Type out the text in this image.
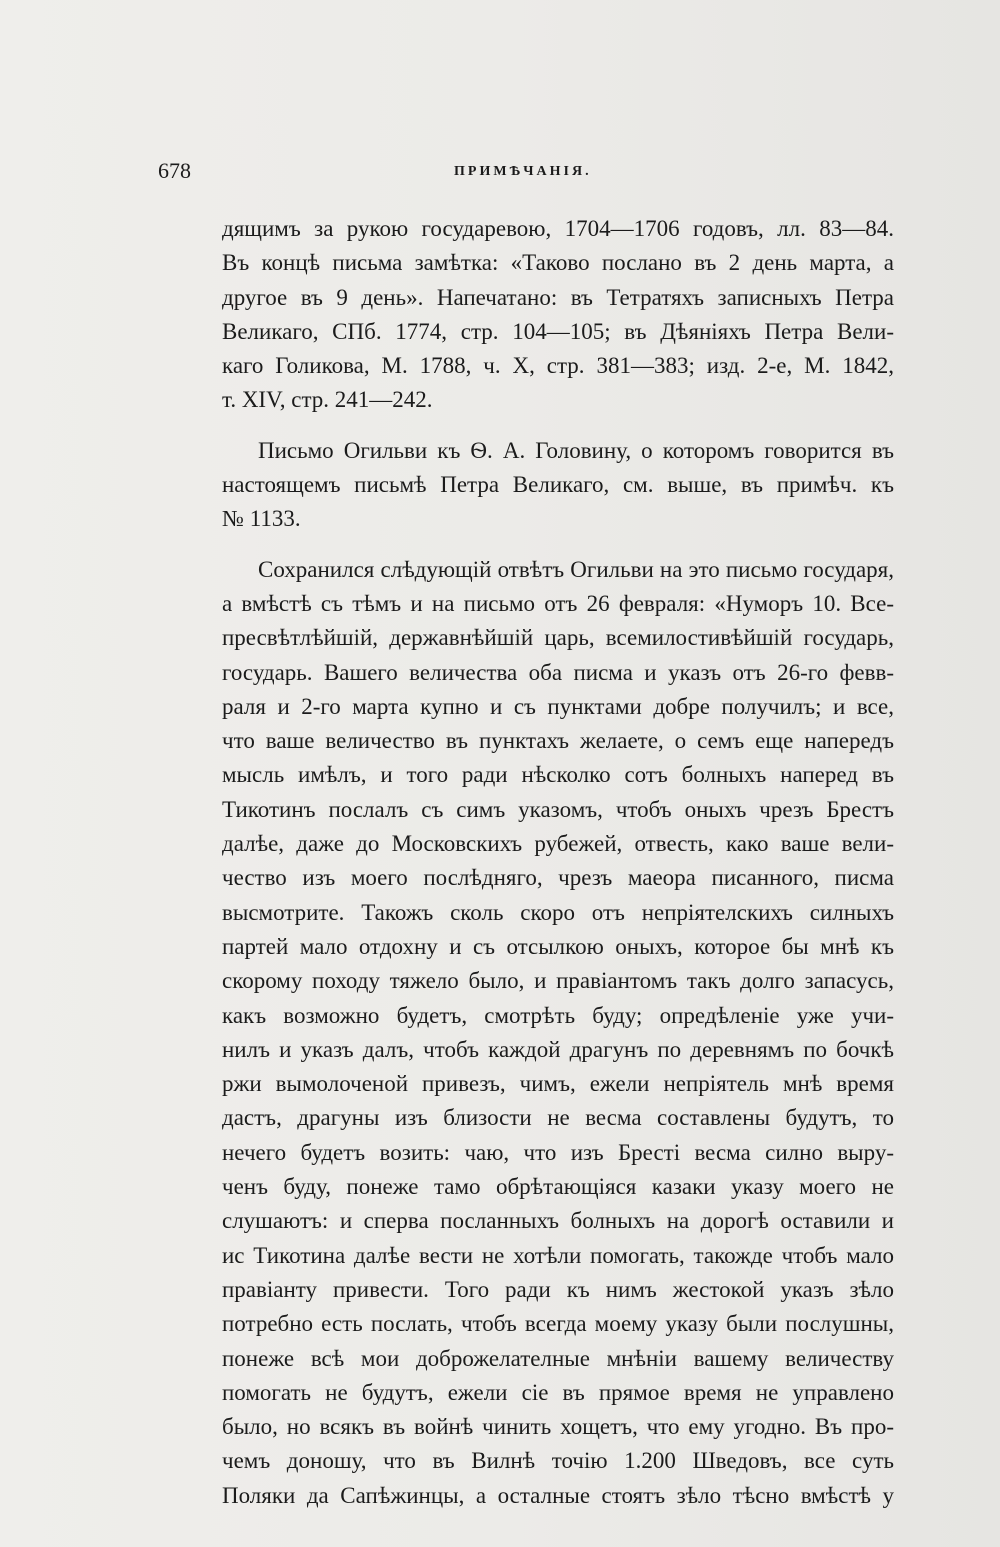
678	ПРИМѢЧАНІЯ.
дящимъ за рукою государевою, 1704—1706 годовъ, лл. 83—84.
Въ концѣ письма замѣтка: «Таково послано въ 2 день марта, а
другое въ 9 день». Напечатано: въ Тетратяхъ записныхъ Петра
Великаго, СПб. 1774, стр. 104—105; въ Дѣяніяхъ Петра Вели-
каго Голикова, М. 1788, ч. X, стр. 381—383; изд. 2-е, М. 1842,
т. XIV, стр. 241—242.
Письмо Огильви къ Ѳ. А. Головину, о которомъ говорится въ
настоящемъ письмѣ Петра Великаго, см. выше, въ примѣч. къ
№ 1133.
Сохранился слѣдующій отвѣтъ Огильви на это письмо государя,
а вмѣстѣ съ тѣмъ и на письмо отъ 26 февраля: «Нуморъ 10. Все-
пресвѣтлѣйшій, державнѣйшій царь, всемилостивѣйшій государь,
государь. Вашего величества оба писма и указъ отъ 26-го февв-
раля и 2-го марта купно и съ пунктами добре получилъ; и все,
что ваше величество въ пунктахъ желаете, о семъ еще напередъ
мысль имѣлъ, и того ради нѣсколко сотъ болныхъ наперед въ
Тикотинъ послалъ съ симъ указомъ, чтобъ оныхъ чрезъ Брестъ
далѣе, даже до Московскихъ рубежей, отвесть, како ваше вели-
чество изъ моего послѣдняго, чрезъ маеора писанного, писма
высмотрите. Такожъ сколь скоро отъ непріятелскихъ силныхъ
партей мало отдохну и съ отсылкою оныхъ, которое бы мнѣ къ
скорому походу тяжело было, и правіантомъ такъ долго запасусь,
какъ возможно будетъ, смотрѣть буду; опредѣленіе уже учи-
нилъ и указъ далъ, чтобъ каждой драгунъ по деревнямъ по бочкѣ
ржи вымолоченой привезъ, чимъ, ежели непріятель мнѣ время
дастъ, драгуны изъ близости не весма составлены будутъ, то
нечего будетъ возить: чаю, что изъ Бресті весма силно выру-
ченъ буду, понеже тамо обрѣтающіяся казаки указу моего не
слушаютъ: и сперва посланныхъ болныхъ на дорогѣ оставили и
ис Тикотина далѣе вести не хотѣли помогать, такожде чтобъ мало
правіанту привести. Того ради къ нимъ жестокой указъ зѣло
потребно есть послать, чтобъ всегда моему указу были послушны,
понеже всѣ мои доброжелателные мнѣніи вашему величеству
помогать не будутъ, ежели сіе въ прямое время не управлено
было, но всякъ въ войнѣ чинить хощетъ, что ему угодно. Въ про-
чемъ доношу, что въ Вилнѣ точію 1.200 Шведовъ, все суть
Поляки да Сапѣжинцы, а осталные стоятъ зѣло тѣсно вмѣстѣ у
